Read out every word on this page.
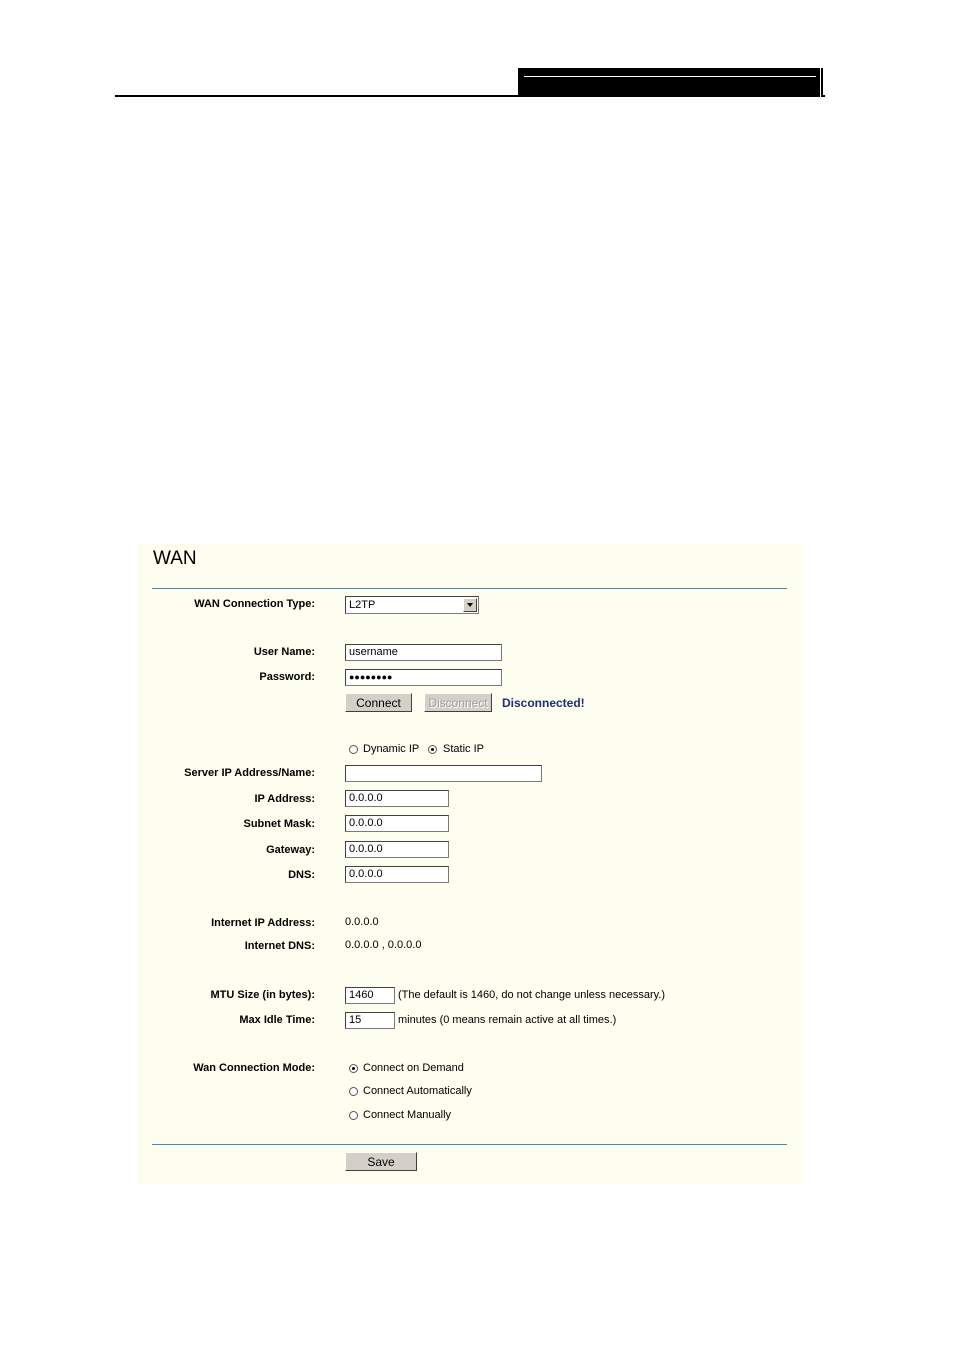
WAN
WAN Connection Type:	L2TP
User Name:	username
Password:	●●●●●●●●
Connect	Disconnect	Disconnected!
Dynamic IP Static IP
Server IP Address/Name:
IP Address:	0.0.0.0
Subnet Mask:	0.0.0.0
Gateway:	0.0.0.0
DNS:	0.0.0.0
Internet IP Address:	0.0.0.0
Internet DNS:	0.0.0.0 , 0.0.0.0
MTU Size (in bytes):	1460	(The default is 1460, do not change unless necessary.)
Max Idle Time:	15	minutes (0 means remain active at all times.)
Wan Connection Mode:	Connect on Demand
Connect Automatically
Connect Manually
Save
